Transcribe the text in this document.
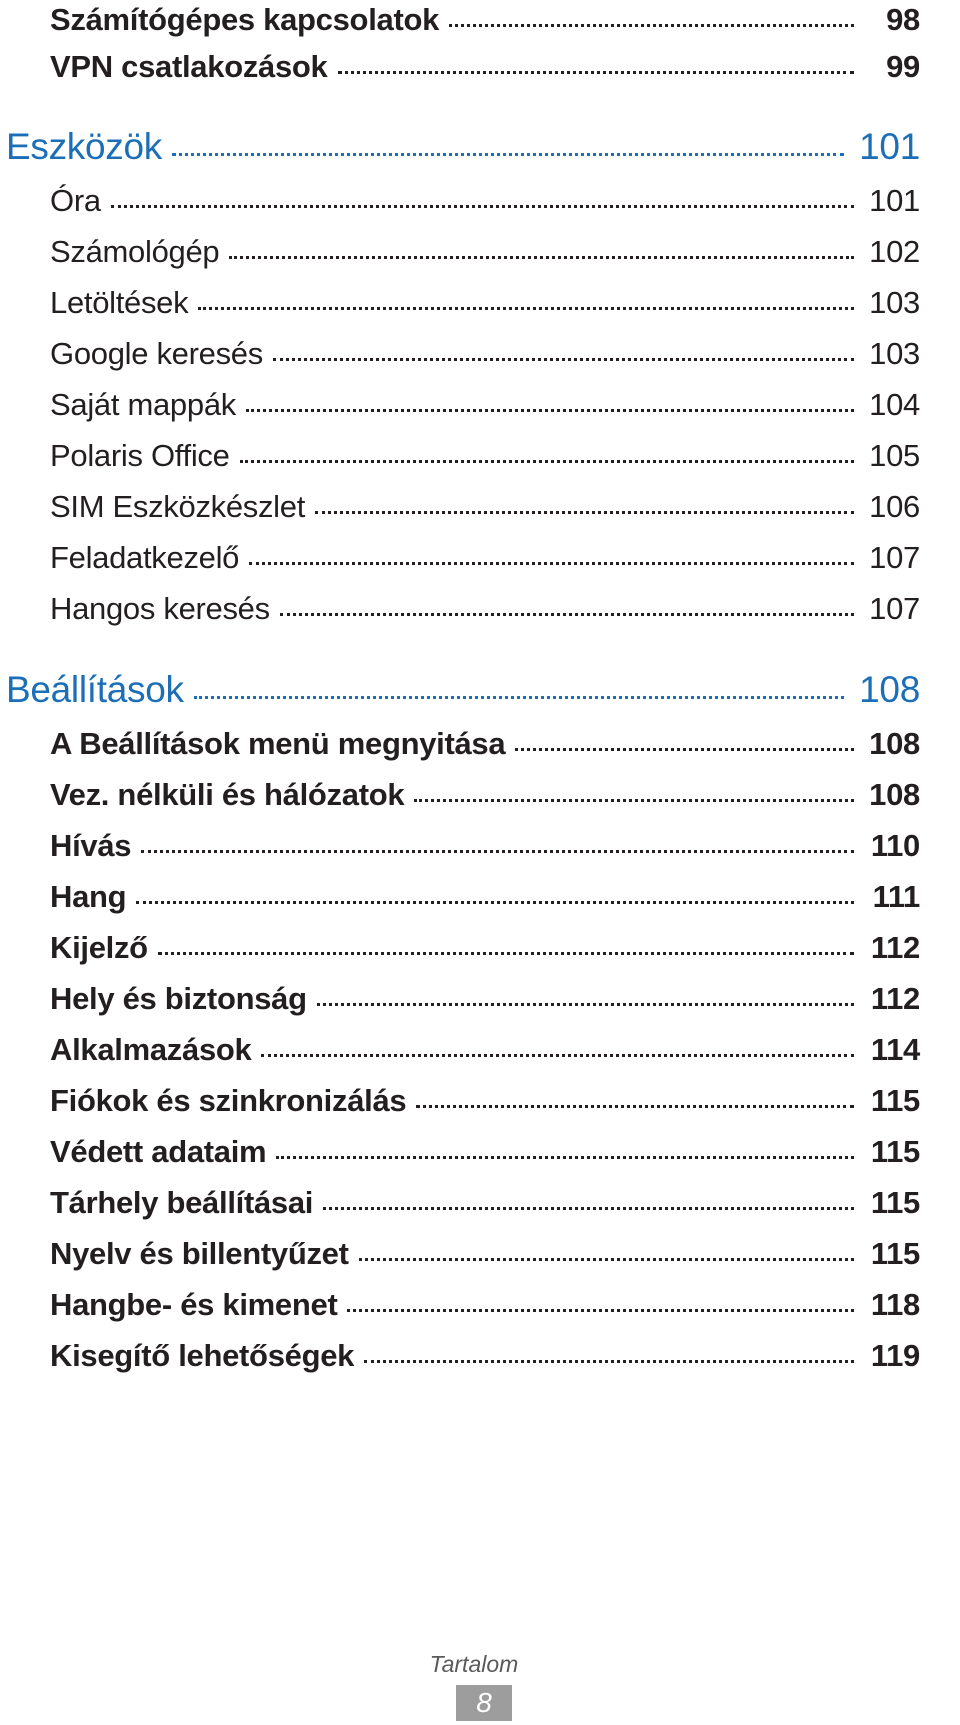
Számítógépes kapcsolatok	98
VPN csatlakozások	99
Eszközök	101
Óra	101
Számológép	102
Letöltések	103
Google keresés	103
Saját mappák	104
Polaris Office	105
SIM Eszközkészlet	106
Feladatkezelő	107
Hangos keresés	107
Beállítások	108
A Beállítások menü megnyitása	108
Vez. nélküli és hálózatok	108
Hívás	110
Hang	111
Kijelző	112
Hely és biztonság	112
Alkalmazások	114
Fiókok és szinkronizálás	115
Védett adataim	115
Tárhely beállításai	115
Nyelv és billentyűzet	115
Hangbe- és kimenet	118
Kisegítő lehetőségek	119
Tartalom
8
